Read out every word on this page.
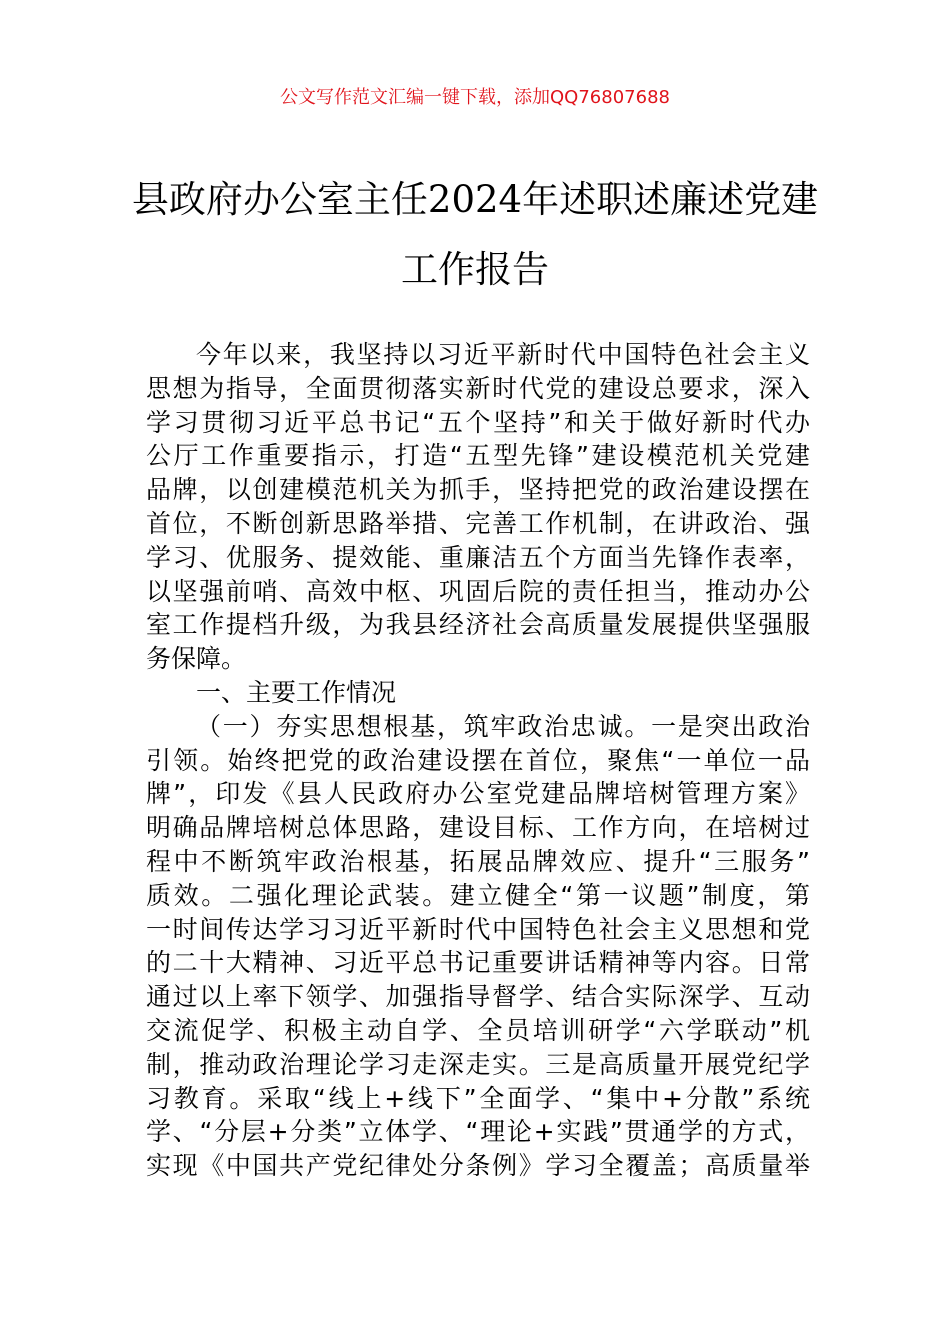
公文写作范文汇编一键下载，添加QQ76807688
县政府办公室主任2024年述职述廉述党建
工作报告
今年以来，我坚持以习近平新时代中国特色社会主义
思想为指导，全面贯彻落实新时代党的建设总要求，深入
学习贯彻习近平总书记“五个坚持”和关于做好新时代办
公厅工作重要指示，打造“五型先锋”建设模范机关党建
品牌，以创建模范机关为抓手，坚持把党的政治建设摆在
首位，不断创新思路举措、完善工作机制，在讲政治、强
学习、优服务、提效能、重廉洁五个方面当先锋作表率，
以坚强前哨、高效中枢、巩固后院的责任担当，推动办公
室工作提档升级，为我县经济社会高质量发展提供坚强服
务保障。
一、主要工作情况
（一）夯实思想根基，筑牢政治忠诚。一是突出政治
引领。始终把党的政治建设摆在首位，聚焦“一单位一品
牌”，印发《县人民政府办公室党建品牌培树管理方案》
明确品牌培树总体思路，建设目标、工作方向，在培树过
程中不断筑牢政治根基，拓展品牌效应、提升“三服务”
质效。二强化理论武装。建立健全“第一议题”制度，第
一时间传达学习习近平新时代中国特色社会主义思想和党
的二十大精神、习近平总书记重要讲话精神等内容。日常
通过以上率下领学、加强指导督学、结合实际深学、互动
交流促学、积极主动自学、全员培训研学“六学联动”机
制，推动政治理论学习走深走实。三是高质量开展党纪学
习教育。采取“线上+线下”全面学、“集中+分散”系统
学、“分层+分类”立体学、“理论+实践”贯通学的方式，
实现《中国共产党纪律处分条例》学习全覆盖；高质量举
